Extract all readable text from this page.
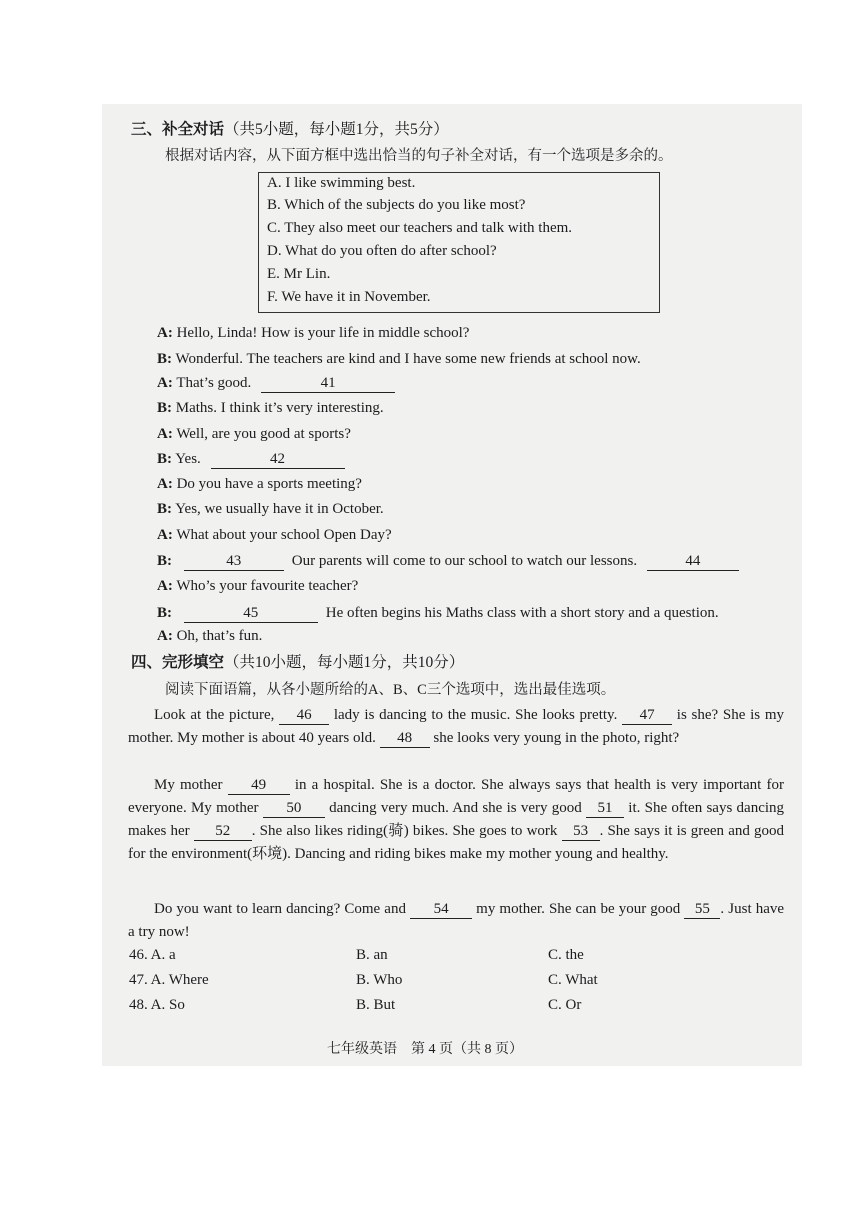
三、补全对话（共5小题，每小题1分，共5分）
根据对话内容，从下面方框中选出恰当的句子补全对话，有一个选项是多余的。
A. I like swimming best.
B. Which of the subjects do you like most?
C. They also meet our teachers and talk with them.
D. What do you often do after school?
E. Mr Lin.
F. We have it in November.
A: Hello, Linda! How is your life in middle school?
B: Wonderful. The teachers are kind and I have some new friends at school now.
A: That’s good.	41
B: Maths. I think it’s very interesting.
A: Well, are you good at sports?
B: Yes.	42
A: Do you have a sports meeting?
B: Yes, we usually have it in October.
A: What about your school Open Day?
B:	43	Our parents will come to our school to watch our lessons.	44
A: Who’s your favourite teacher?
B:	45	He often begins his Maths class with a short story and a question.
A: Oh, that’s fun.
四、完形填空（共10小题，每小题1分，共10分）
阅读下面语篇，从各小题所给的A、B、C三个选项中，选出最佳选项。
Look at the picture, 46 lady is dancing to the music. She looks pretty. 47 is she? She is my mother. My mother is about 40 years old. 48 she looks very young in the photo, right?
My mother 49 in a hospital. She is a doctor. She always says that health is very important for everyone. My mother 50 dancing very much. And she is very good 51 it. She often says dancing makes her 52 . She also likes riding(骑) bikes. She goes to work 53 . She says it is green and good for the environment(环境). Dancing and riding bikes make my mother young and healthy.
Do you want to learn dancing? Come and 54 my mother. She can be your good 55 . Just have a try now!
46. A. a	B. an	C. the
47. A. Where	B. Who	C. What
48. A. So	B. But	C. Or
七年级英语　第 4 页（共 8 页）
